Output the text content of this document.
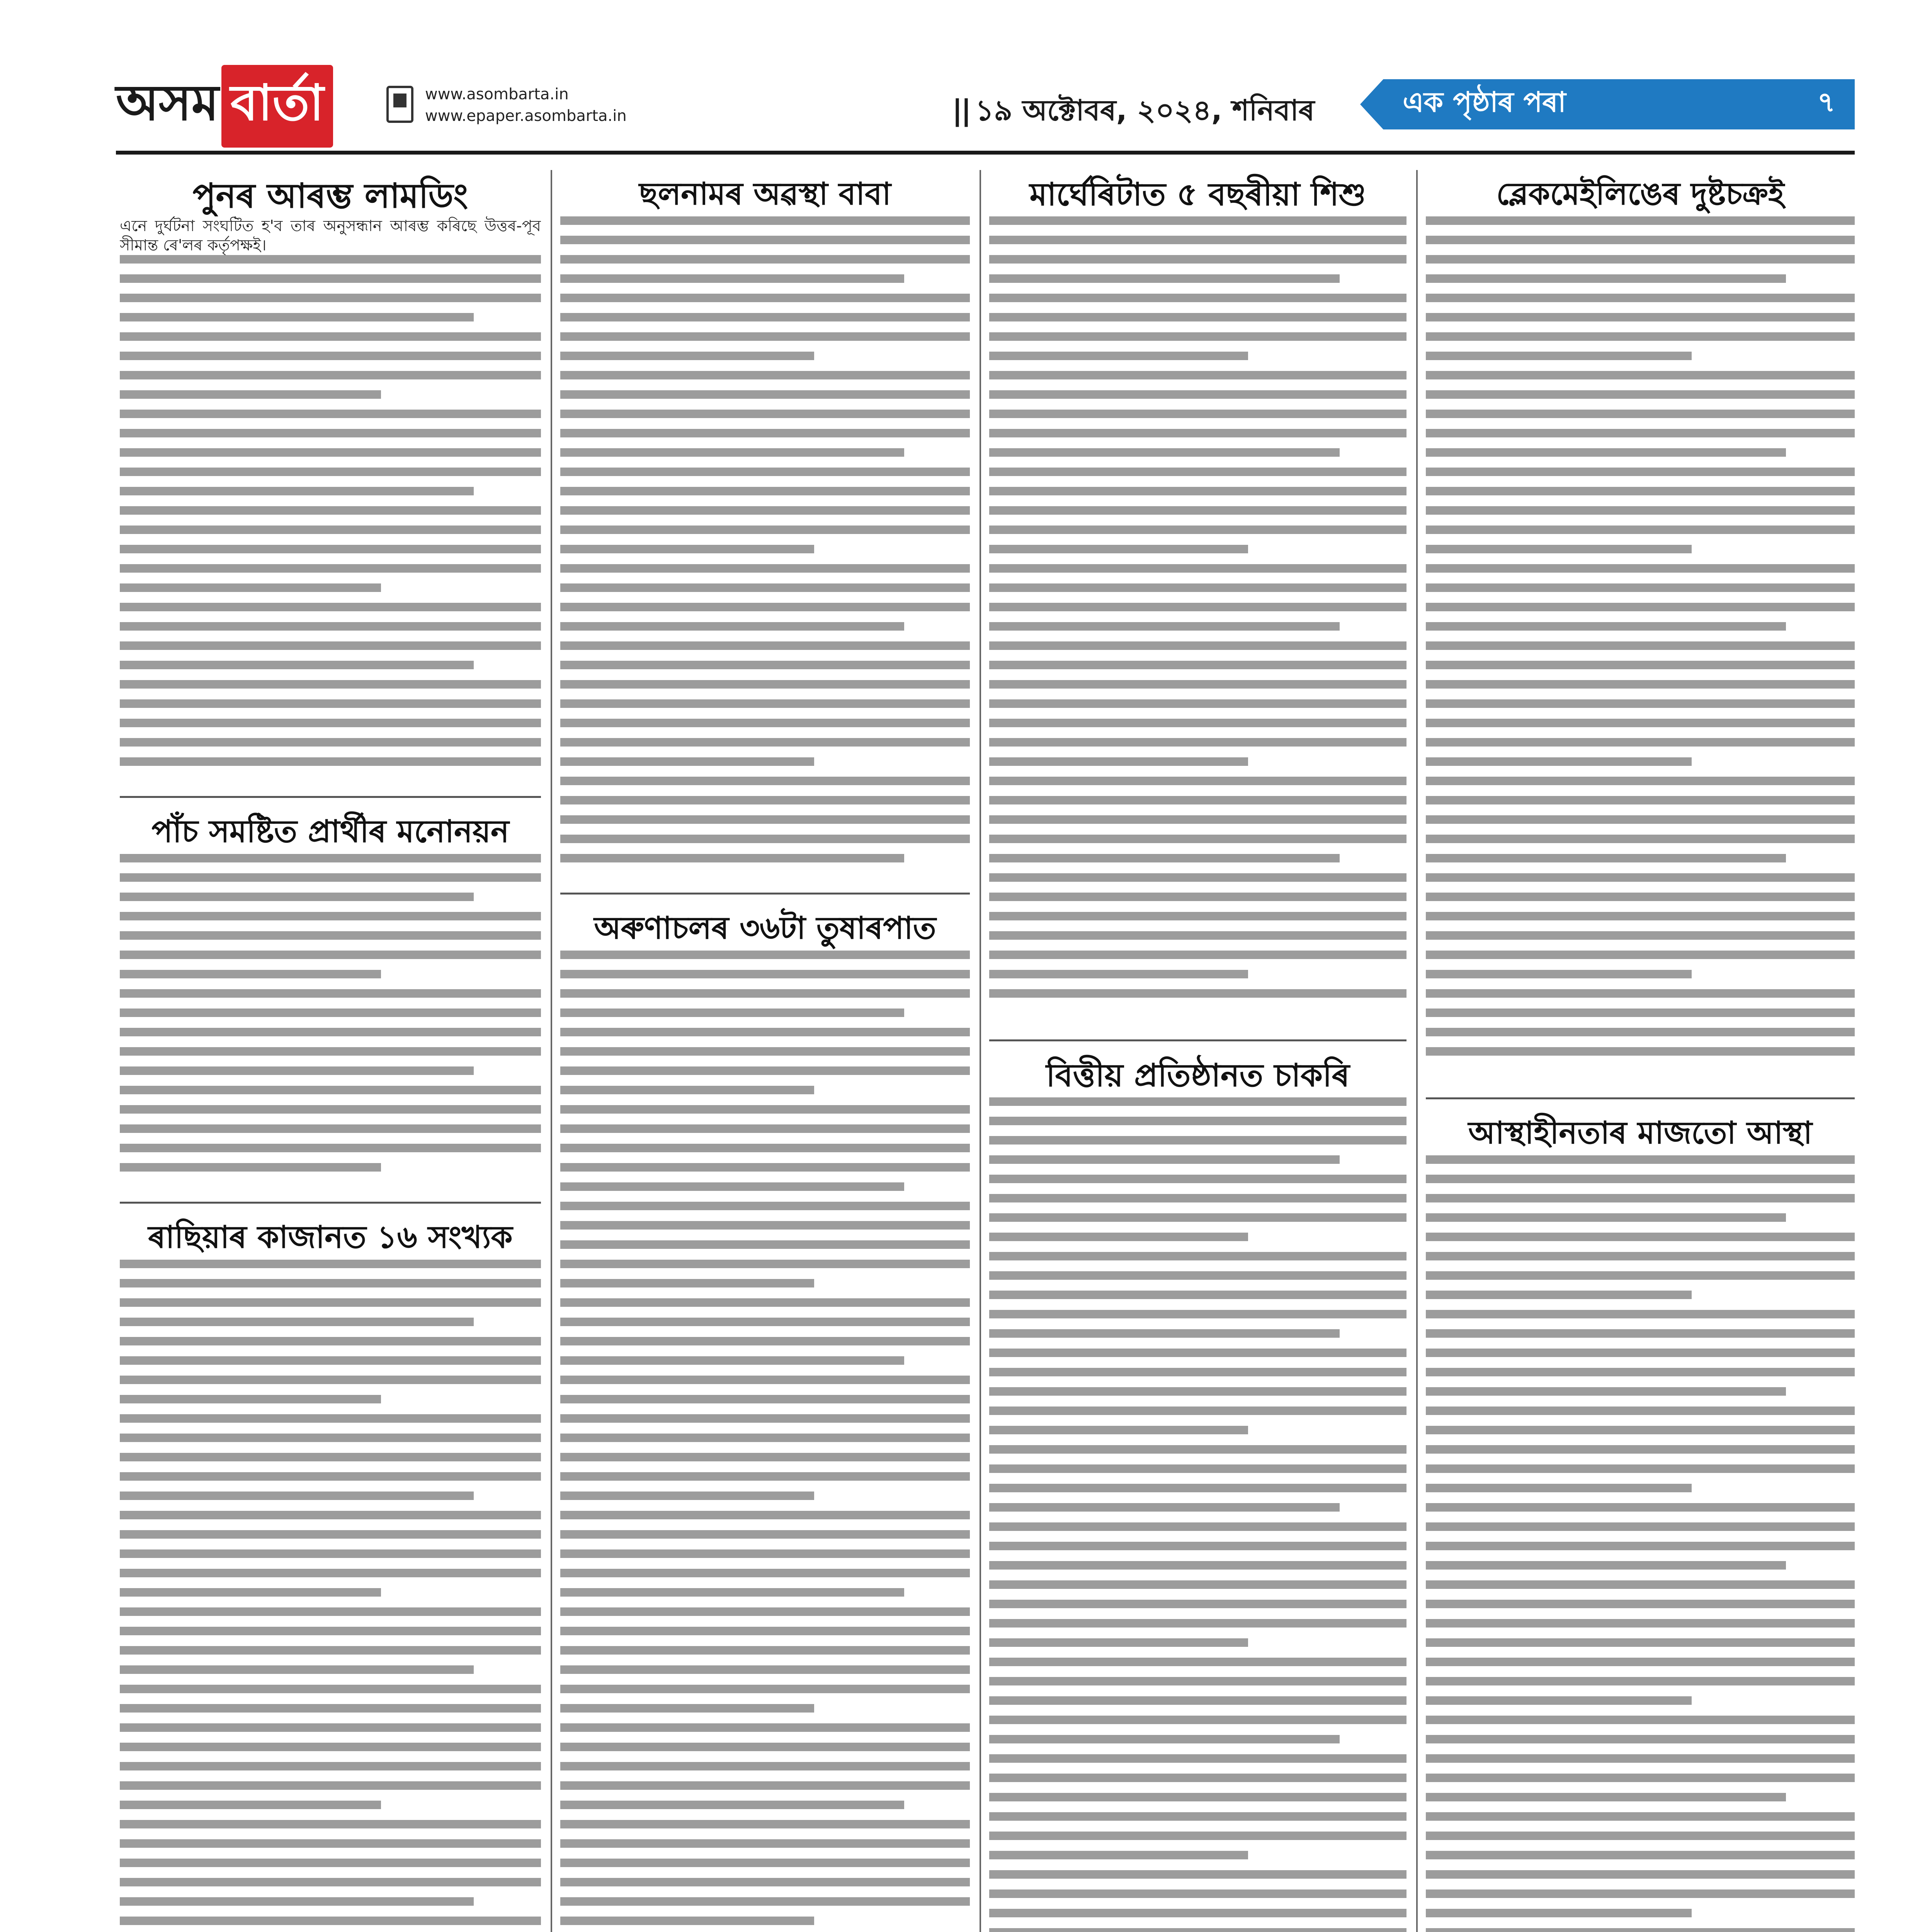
অসম বাৰ্তা	www.asombarta.in
www.epaper.asombarta.in	|| ১৯ অক্টোবৰ, ২০২৪, শনিবাৰ	এক পৃষ্ঠাৰ পৰা	৭
পুনৰ আৰম্ভ লামডিং
এনে দুৰ্ঘটনা সংঘটিত হ'ব তাৰ অনুসন্ধান আৰম্ভ কৰিছে উত্তৰ-পূব সীমান্ত ৰে'লৰ কৰ্তৃপক্ষই।
পাঁচ সমষ্টিত প্ৰাৰ্থীৰ মনোনয়ন
ৰাছিয়াৰ কাজানত ১৬ সংখ্যক
ছলনামৰ অৱস্থা বাবা
অৰুণাচলৰ ৩৬টা তুষাৰপাত
মাৰ্ঘেৰিটাত ৫ বছৰীয়া শিশু
বিত্তীয় প্ৰতিষ্ঠানত চাকৰি
ব্লেকমেইলিঙেৰ দুষ্টচক্ৰই
আস্থাহীনতাৰ মাজতো আস্থা
